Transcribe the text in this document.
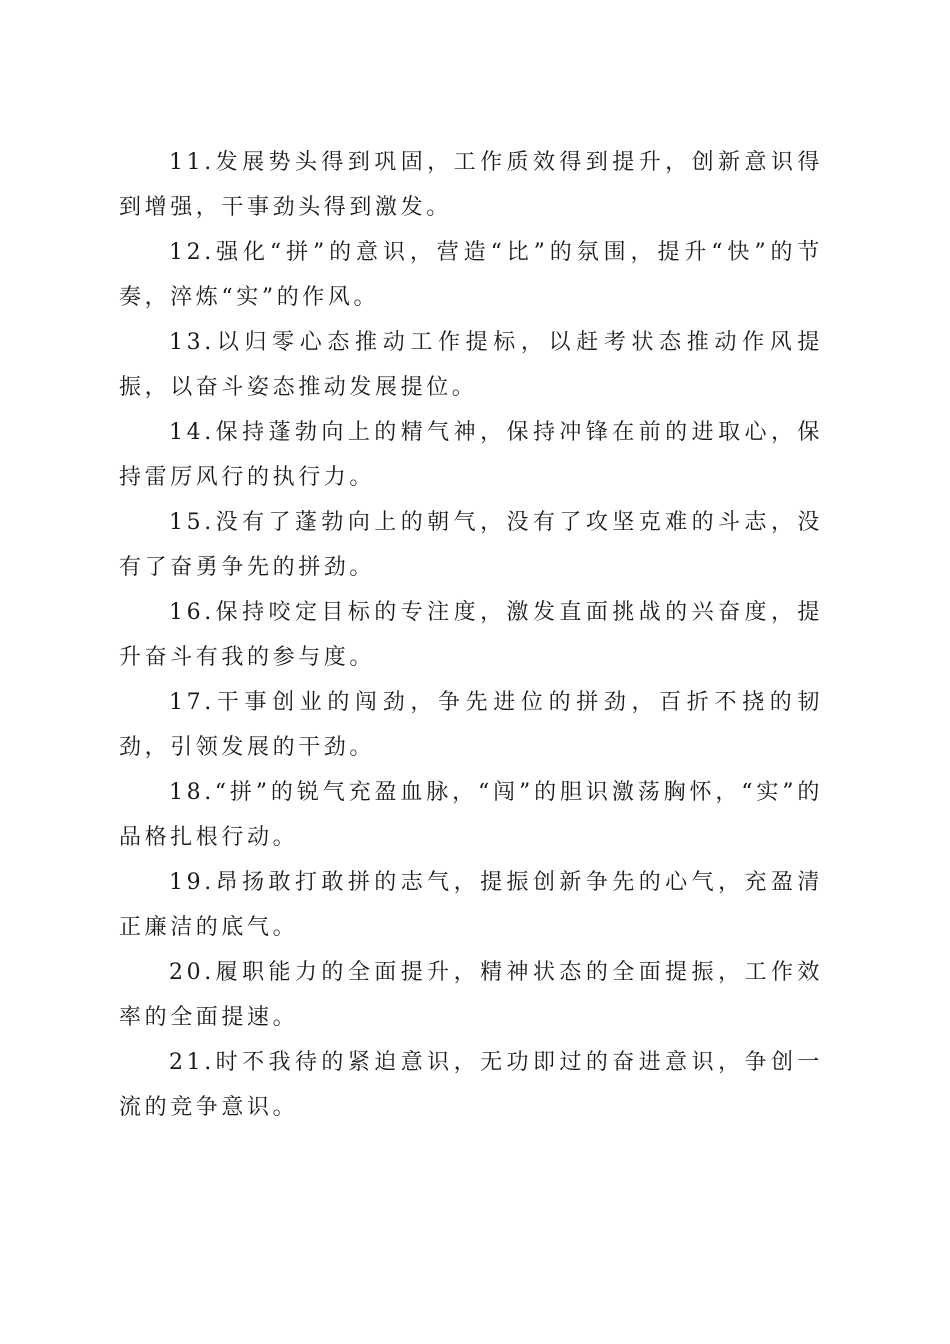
11.发展势头得到巩固，工作质效得到提升，创新意识得到增强，干事劲头得到激发。

12.强化“拼”的意识，营造“比”的氛围，提升“快”的节奏，淬炼“实”的作风。

13.以归零心态推动工作提标，以赶考状态推动作风提振，以奋斗姿态推动发展提位。

14.保持蓬勃向上的精气神，保持冲锋在前的进取心，保持雷厉风行的执行力。

15.没有了蓬勃向上的朝气，没有了攻坚克难的斗志，没有了奋勇争先的拼劲。

16.保持咬定目标的专注度，激发直面挑战的兴奋度，提升奋斗有我的参与度。

17.干事创业的闯劲，争先进位的拼劲，百折不挠的韧劲，引领发展的干劲。

18.“拼”的锐气充盈血脉，“闯”的胆识激荡胸怀，“实”的品格扎根行动。

19.昂扬敢打敢拼的志气，提振创新争先的心气，充盈清正廉洁的底气。

20.履职能力的全面提升，精神状态的全面提振，工作效率的全面提速。

21.时不我待的紧迫意识，无功即过的奋进意识，争创一流的竞争意识。
